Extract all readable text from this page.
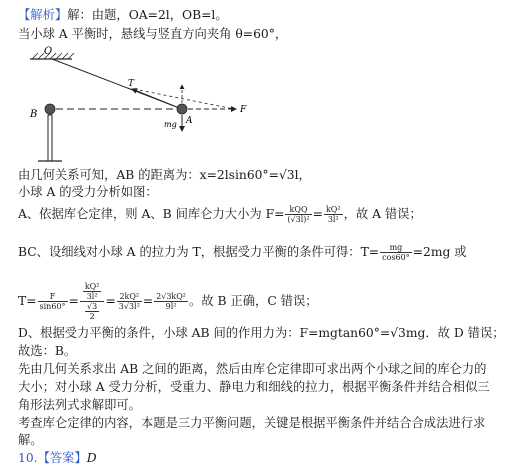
【解析】解：由题，OA=2l，OB=l。
当小球 A 平衡时，悬线与竖直方向夹角 θ=60°，
O
B	F
T
mg A
由几何关系可知，AB 的距离为：x=2lsin60°=√3l，
小球 A 的受力分析如图：
A、依据库仑定律，则 A、B 间库仑力大小为 $F= \frac{\text{kQQ}}{\text{(√3l)²}} = \frac{\text{kQ²}}{\text{3l²}}$ ，故 A 错误；
BC、设细线对小球 A 的拉力为 T，根据受力平衡的条件可得：$T= \frac{mg}{\cos 60^\circ} =2mg$ 或
$T= \frac{F}{\sin 60^\circ} = \frac{\frac{\text{kQ²}}{\text{3l²}}}{\frac{√3}{2}} = \frac{\text{2kQ²}}{\text{3√3l²}} = \frac{\text{2√3kQ²}}{\text{9l²}}$ 。故 B 正确，C 错误；
D、根据受力平衡的条件，小球 AB 间的作用力为：F=mgtan60°=√3mg．故 D 错误；
故选：B。
先由几何关系求出 AB 之间的距离，然后由库仑定律即可求出两个小球之间的库仑力的
大小；对小球 A 受力分析，受重力、静电力和细线的拉力，根据平衡条件并结合相似三
角形法列式求解即可。
考查库仑定律的内容，本题是三力平衡问题，关键是根据平衡条件并结合合成法进行求
解。
10.【答案】D
